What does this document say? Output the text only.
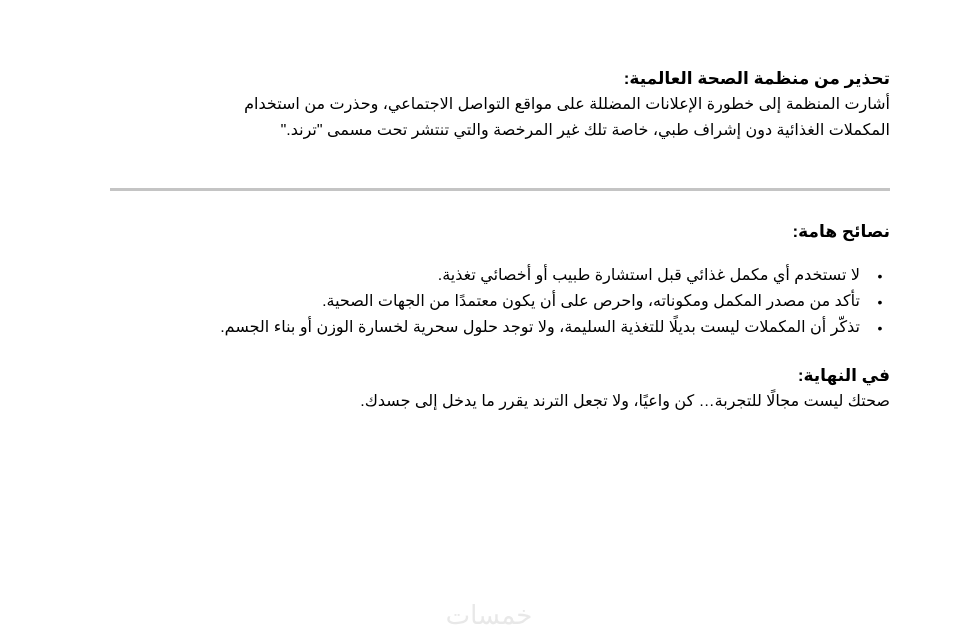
تحذير من منظمة الصحة العالمية:

أشارت المنظمة إلى خطورة الإعلانات المضللة على مواقع التواصل الاجتماعي، وحذرت من استخدام

المكملات الغذائية دون إشراف طبي، خاصة تلك غير المرخصة والتي تنتشر تحت مسمى "ترند."

نصائح هامة:

•
لا تستخدم أي مكمل غذائي قبل استشارة طبيب أو أخصائي تغذية.
•
تأكد من مصدر المكمل ومكوناته، واحرص على أن يكون معتمدًا من الجهات الصحية.
•
تذكّر أن المكملات ليست بديلًا للتغذية السليمة، ولا توجد حلول سحرية لخسارة الوزن أو بناء الجسم.

في النهاية:

صحتك ليست مجالًا للتجربة… كن واعيًا، ولا تجعل الترند يقرر ما يدخل إلى جسدك.

خمسات
